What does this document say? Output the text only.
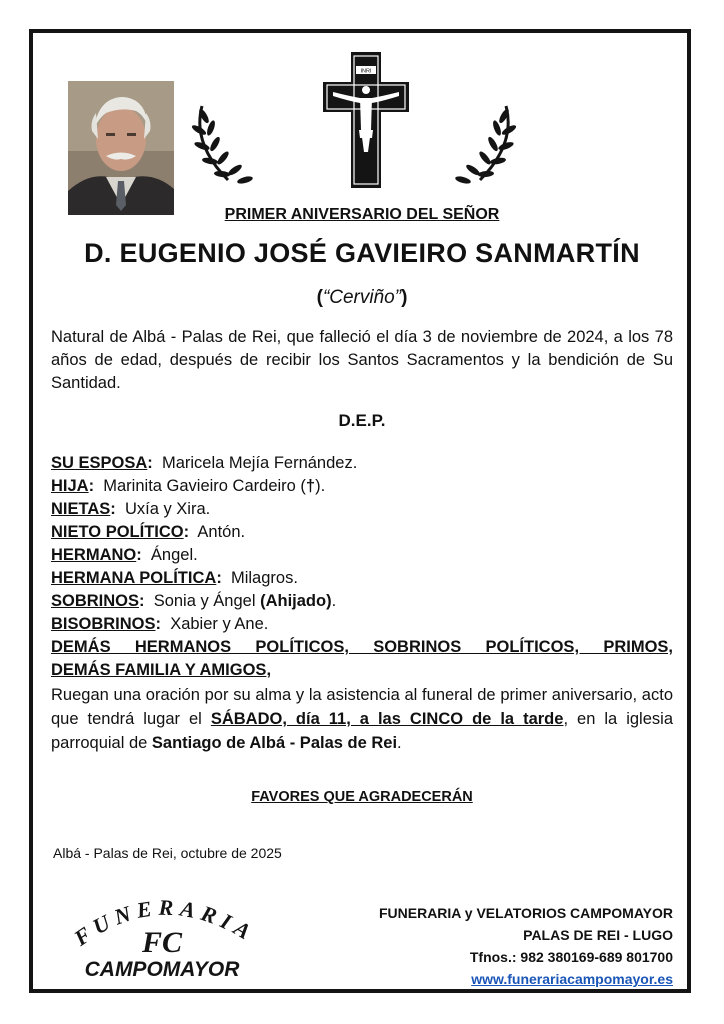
INRI
PRIMER ANIVERSARIO DEL SEÑOR
D. EUGENIO JOSÉ GAVIEIRO SANMARTÍN
(“Cerviño”)
Natural de Albá - Palas de Rei, que falleció el día 3 de noviembre de 2024, a los 78 años de edad, después de recibir los Santos Sacramentos y la bendición de Su Santidad.
D.E.P.
SU ESPOSA: Maricela Mejía Fernández.
HIJA: Marinita Gavieiro Cardeiro (†).
NIETAS: Uxía y Xira.
NIETO POLÍTICO: Antón.
HERMANO: Ángel.
HERMANA POLÍTICA: Milagros.
SOBRINOS: Sonia y Ángel (Ahijado).
BISOBRINOS: Xabier y Ane.
DEMÁS HERMANOS POLÍTICOS, SOBRINOS POLÍTICOS, PRIMOS,
DEMÁS FAMILIA Y AMIGOS,
Ruegan una oración por su alma y la asistencia al funeral de primer aniversario, acto que tendrá lugar el SÁBADO, día 11, a las CINCO de la tarde, en la iglesia parroquial de Santiago de Albá - Palas de Rei.
FAVORES QUE AGRADECERÁN
Albá - Palas de Rei, octubre de 2025
FUNERARIA
FC
CAMPOMAYOR
FUNERARIA y VELATORIOS CAMPOMAYOR
PALAS DE REI - LUGO
Tfnos.: 982 380169-689 801700
www.funerariacampomayor.es
